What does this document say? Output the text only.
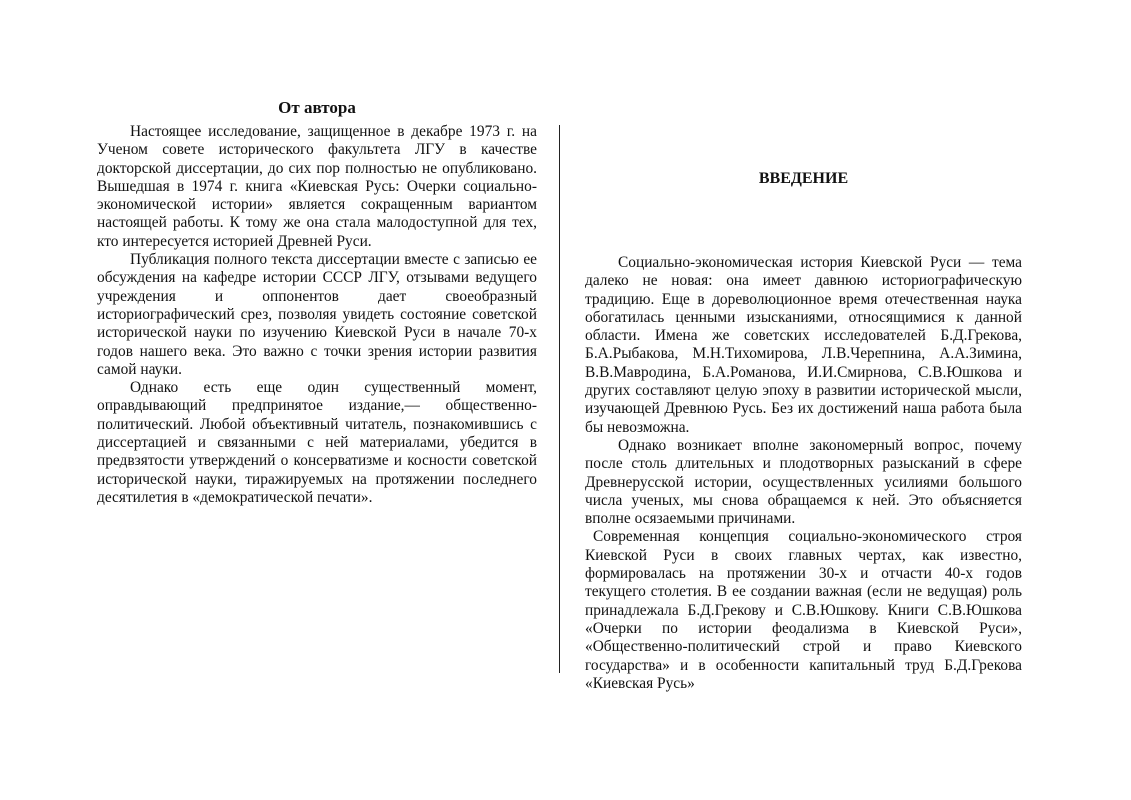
От автора

Настоящее исследование, защищенное в декабре 1973 г. на Ученом совете исторического факультета ЛГУ в качестве докторской диссертации, до сих пор полностью не опубликовано. Вышедшая в 1974 г. книга «Киевская Русь: Очерки социально-экономической истории» является сокращенным вариантом настоящей работы. К тому же она стала малодоступной для тех, кто интересуется историей Древней Руси.

Публикация полного текста диссертации вместе с записью ее обсуждения на кафедре истории СССР ЛГУ, отзывами ведущего учреждения и оппонентов дает своеобразный историографический срез, позволяя увидеть состояние советской исторической науки по изучению Киевской Руси в начале 70-х годов нашего века. Это важно с точки зрения истории развития самой науки.

Однако есть еще один существенный момент, оправдывающий предпринятое издание,— общественно-политический. Любой объективный читатель, познакомившись с диссертацией и связанными с ней материалами, убедится в предвзятости утверждений о консерватизме и косности советской исторической науки, тиражируемых на протяжении последнего десятилетия в «демократической печати».

ВВЕДЕНИЕ

Социально-экономическая история Киевской Руси — тема далеко не новая: она имеет давнюю историографическую традицию. Еще в дореволюционное время отечественная наука обогатилась ценными изысканиями, относящимися к данной области. Имена же советских исследователей Б.Д.Грекова, Б.А.Рыбакова, М.Н.Тихомирова, Л.В.Черепнина, А.А.Зимина, В.В.Мавродина, Б.А.Романова, И.И.Смирнова, С.В.Юшкова и других составляют целую эпоху в развитии исторической мысли, изучающей Древнюю Русь. Без их достижений наша работа была бы невозможна.

Однако возникает вполне закономерный вопрос, почему после столь длительных и плодотворных разысканий в сфере Древнерусской истории, осуществленных усилиями большого числа ученых, мы снова обращаемся к ней. Это объясняется вполне осязаемыми причинами.

Современная концепция социально-экономического строя Киевской Руси в своих главных чертах, как известно, формировалась на протяжении 30-х и отчасти 40-х годов текущего столетия. В ее создании важная (если не ведущая) роль принадлежала Б.Д.Грекову и С.В.Юшкову. Книги С.В.Юшкова «Очерки по истории феодализма в Киевской Руси», «Общественно-политический строй и право Киевского государства» и в особенности капитальный труд Б.Д.Грекова «Киевская Русь»
